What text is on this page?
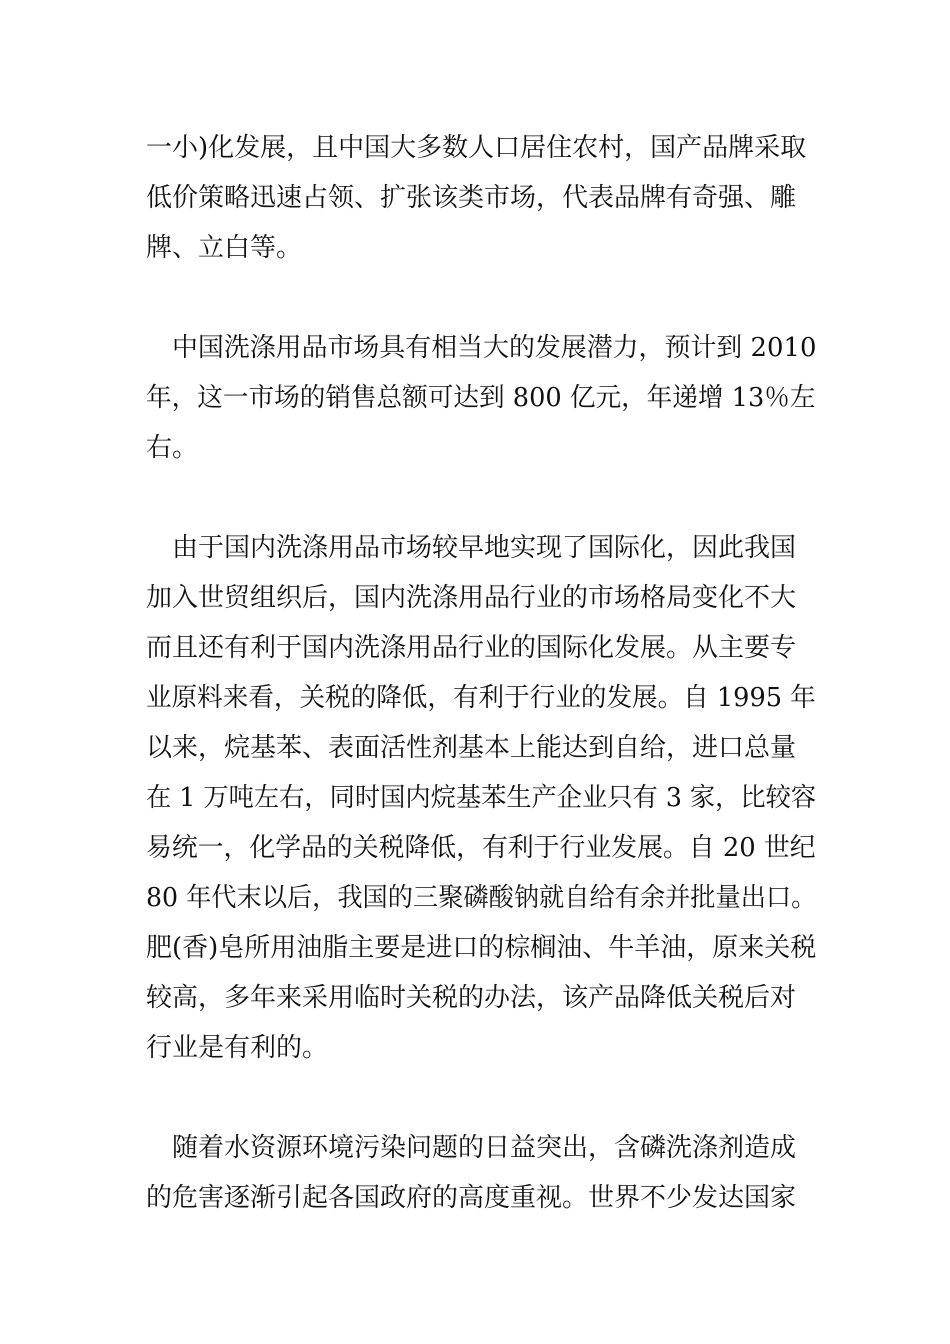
一小)化发展，且中国大多数人口居住农村，国产品牌采取
低价策略迅速占领、扩张该类市场，代表品牌有奇强、雕
牌、立白等。
中国洗涤用品市场具有相当大的发展潜力，预计到 2010
年，这一市场的销售总额可达到 800 亿元，年递增 13％左
右。
由于国内洗涤用品市场较早地实现了国际化，因此我国
加入世贸组织后，国内洗涤用品行业的市场格局变化不大
而且还有利于国内洗涤用品行业的国际化发展。从主要专
业原料来看，关税的降低，有利于行业的发展。自 1995 年
以来，烷基苯、表面活性剂基本上能达到自给，进口总量
在 1 万吨左右，同时国内烷基苯生产企业只有 3 家，比较容
易统一，化学品的关税降低，有利于行业发展。自 20 世纪
80 年代末以后，我国的三聚磷酸钠就自给有余并批量出口。
肥(香)皂所用油脂主要是进口的棕榈油、牛羊油，原来关税
较高，多年来采用临时关税的办法，该产品降低关税后对
行业是有利的。
随着水资源环境污染问题的日益突出，含磷洗涤剂造成
的危害逐渐引起各国政府的高度重视。世界不少发达国家
